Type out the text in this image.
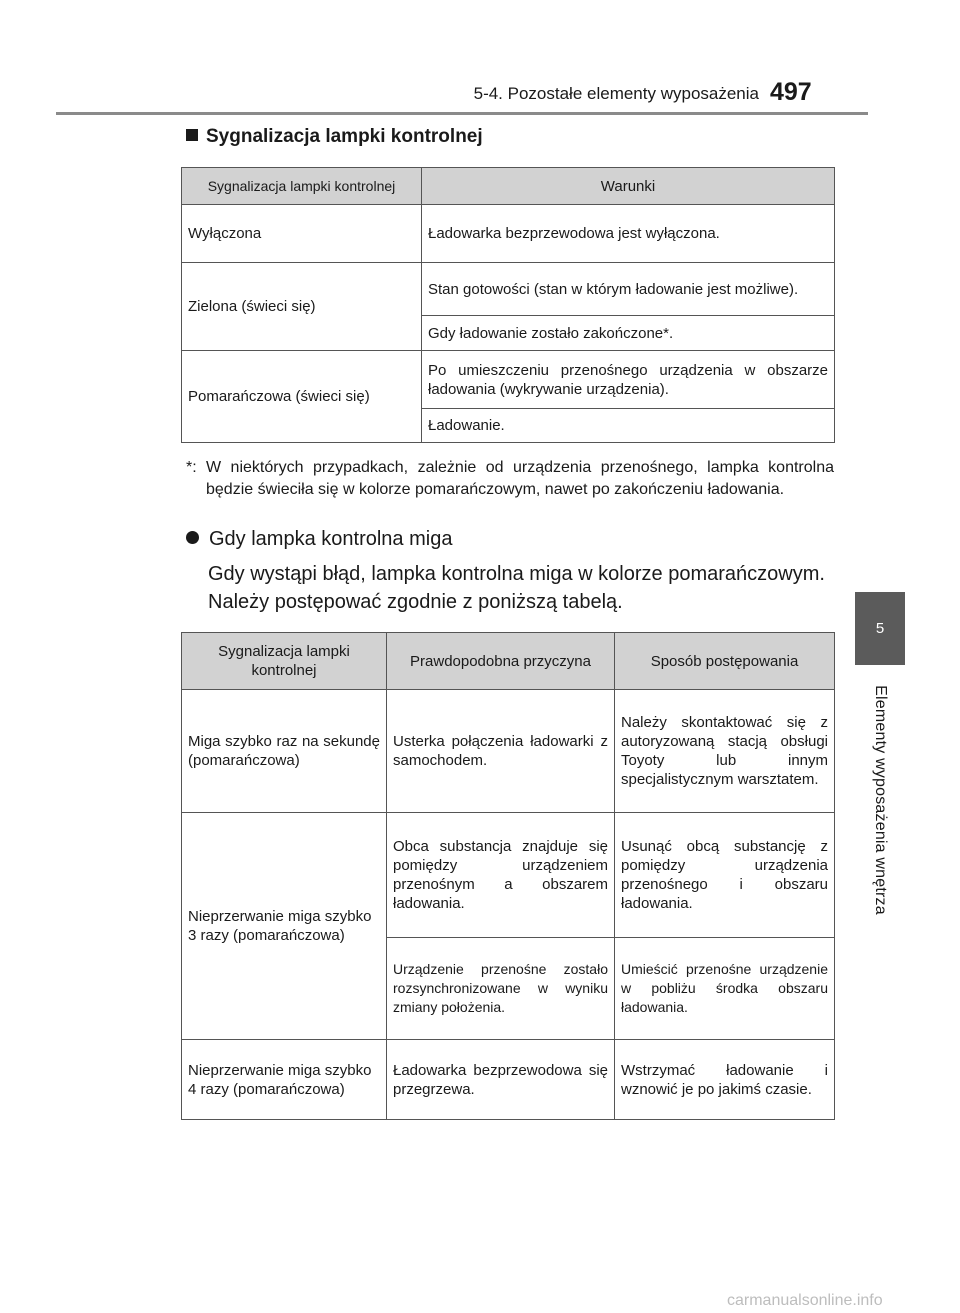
5-4. Pozostałe elementy wyposażenia 497
5
Elementy wyposażenia wnętrza
Sygnalizacja lampki kontrolnej
Sygnalizacja lampki kontrolnej	Warunki
Wyłączona	Ładowarka bezprzewodowa jest wyłączona.
Zielona (świeci się)	Stan gotowości (stan w którym ładowanie jest możliwe).
	Gdy ładowanie zostało zakończone*.
Pomarańczowa (świeci się)	Po umieszczeniu przenośnego urządzenia w obszarze ładowania (wykrywanie urządzenia).
	Ładowanie.
*: W niektórych przypadkach, zależnie od urządzenia przenośnego, lampka kontrolna będzie świeciła się w kolorze pomarańczowym, nawet po zakończeniu ładowania.
Gdy lampka kontrolna miga
Gdy wystąpi błąd, lampka kontrolna miga w kolorze pomarańczowym. Należy postępować zgodnie z poniższą tabelą.
Sygnalizacja lampki kontrolnej	Prawdopodobna przyczyna	Sposób postępowania
Miga szybko raz na sekundę (pomarańczowa)	Usterka połączenia ładowarki z samochodem.	Należy skontaktować się z autoryzowaną stacją obsługi Toyoty lub innym specjalistycznym warsztatem.
Nieprzerwanie miga szybko 3 razy (pomarańczowa)	Obca substancja znajduje się pomiędzy urządzeniem przenośnym a obszarem ładowania.	Usunąć obcą substancję z pomiędzy urządzenia przenośnego i obszaru ładowania.
	Urządzenie przenośne zostało rozsynchronizowane w wyniku zmiany położenia.	Umieścić przenośne urządzenie w pobliżu środka obszaru ładowania.
Nieprzerwanie miga szybko 4 razy (pomarańczowa)	Ładowarka bezprzewodowa się przegrzewa.	Wstrzymać ładowanie i wznowić je po jakimś czasie.
carmanualsonline.info
